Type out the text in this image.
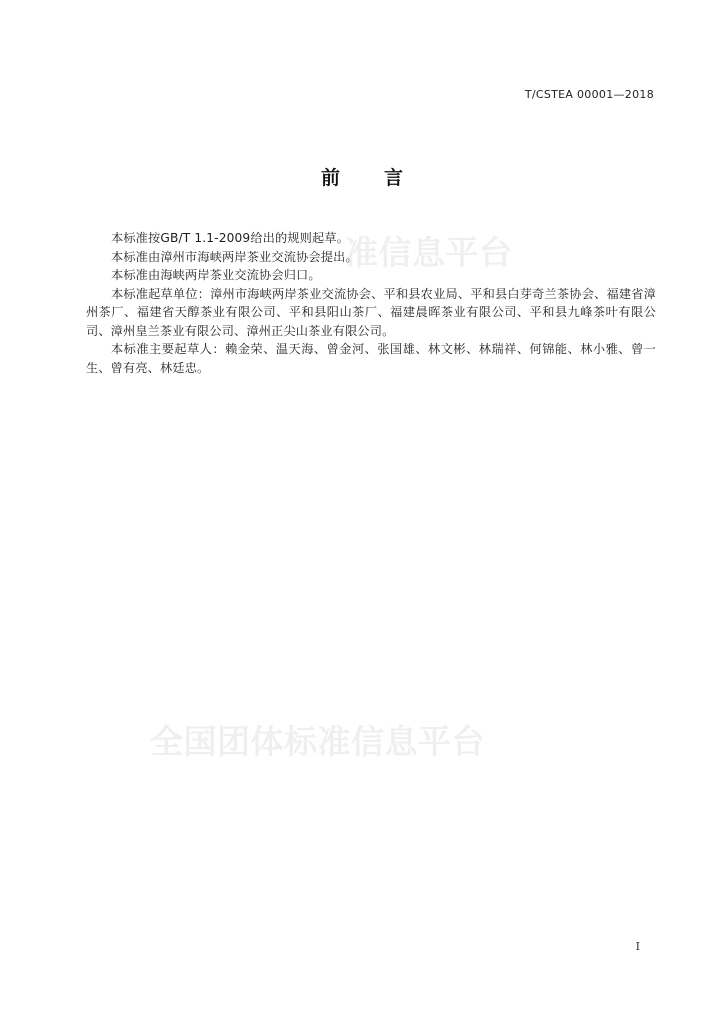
T/CSTEA 00001—2018
前言
准信息平台
全国团体标准信息平台

本标准按GB/T 1.1-2009给出的规则起草。

本标准由漳州市海峡两岸茶业交流协会提出。

本标准由海峡两岸茶业交流协会归口。

本标准起草单位：漳州市海峡两岸茶业交流协会、平和县农业局、平和县白芽奇兰茶协会、福建省漳州茶厂、福建省天醇茶业有限公司、平和县阳山茶厂、福建晨晖茶业有限公司、平和县九峰茶叶有限公司、漳州皇兰茶业有限公司、漳州正尖山茶业有限公司。

本标准主要起草人：赖金荣、温天海、曾金河、张国雄、林文彬、林瑞祥、何锦能、林小雅、曾一生、曾有亮、林廷忠。

I
